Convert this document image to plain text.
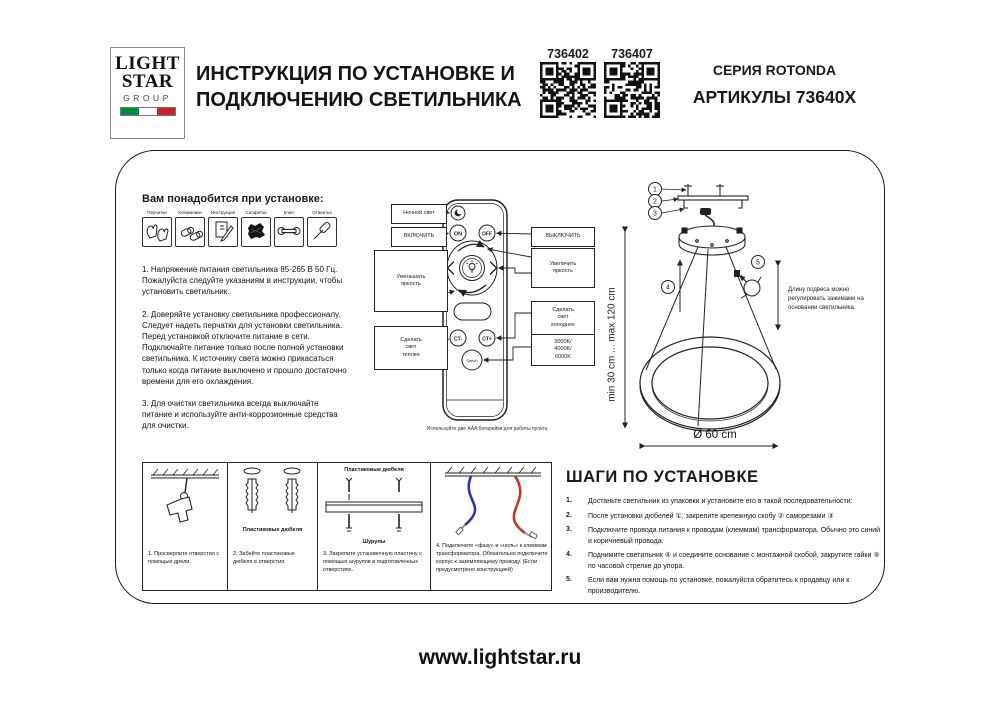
LIGHT
STAR
GROUP
ИНСТРУКЦИЯ ПО УСТАНОВКЕ И
ПОДКЛЮЧЕНИЮ СВЕТИЛЬНИКА
736402	736407
СЕРИЯ ROTONDA
АРТИКУЛЫ 73640X
Вам понадобится при установке:
Перчатки	Клеммники	Инструкция	Салфетка	Ключ	Отвертка

1. Напряжение питания светильника 85-265 В 50 Гц. Пожалуйста следуйте указаниям в инструкции, чтобы установить светильник.

2. Доверяйте установку светильника профессионалу. Следует надеть перчатки для установки светильника. Перед установкой отключите питание в сети. Подключайте питание только после полной установки светильника. К источнику света можно прикасаться только когда питание выключено и прошло достаточно времени для его охлаждения.

3. Для очистки светильника всегда выключайте питание и используйте анти-коррозионные средства для очистки.

ON	OFF
CT-	CT+
Switch
Ночной свет
ВКЛЮЧИТЬ
Уменьшать яркость
Сделать свет теплее
ВЫКЛЮЧИТЬ
Увеличить яркость
Сделать свет холоднее
3000K/ 4000K/ 6000K
Используйте две AAA батарейки для работы пульта
1
2
3
4
5
min 30 cm ... max 120 cm	Длину подвеса можно регулировать зажимами на основании светильника.
Ø 60 cm
1. Просверлите отверстия с помощью дрели.
Пластиковые дюбеля
2. Забейте пластиковые дюбеля в отверстия.
Пластиковые дюбеля
Шурупы
3. Закрепите установочную пластину с помощью шурупов в подготовленных отверстиях.
4. Подключите «фазу» и «ноль» к клеммам трансформатора. Обязательно подключите корпус к заземляющему проводу. (Если предусмотрено конструкцией)
ШАГИ ПО УСТАНОВКЕ
1.	Достаньте светильник из упаковки и установите его в такой последовательности:
2.	После установки дюбелей ①, закрепите крепежную скобу ② саморезами ③
3.	Подключите провода питания к проводам (клеммам) трансформатора. Обычно это синий и коричневый провода.
4.	Поднимите светильник ④ и соедините основание с монтажной скобой, закрутите гайки ⑤ по часовой стрелке до упора.
5.	Если вам нужна помощь по установке, пожалуйста обратитесь к продавцу или к производителю.
www.lightstar.ru
